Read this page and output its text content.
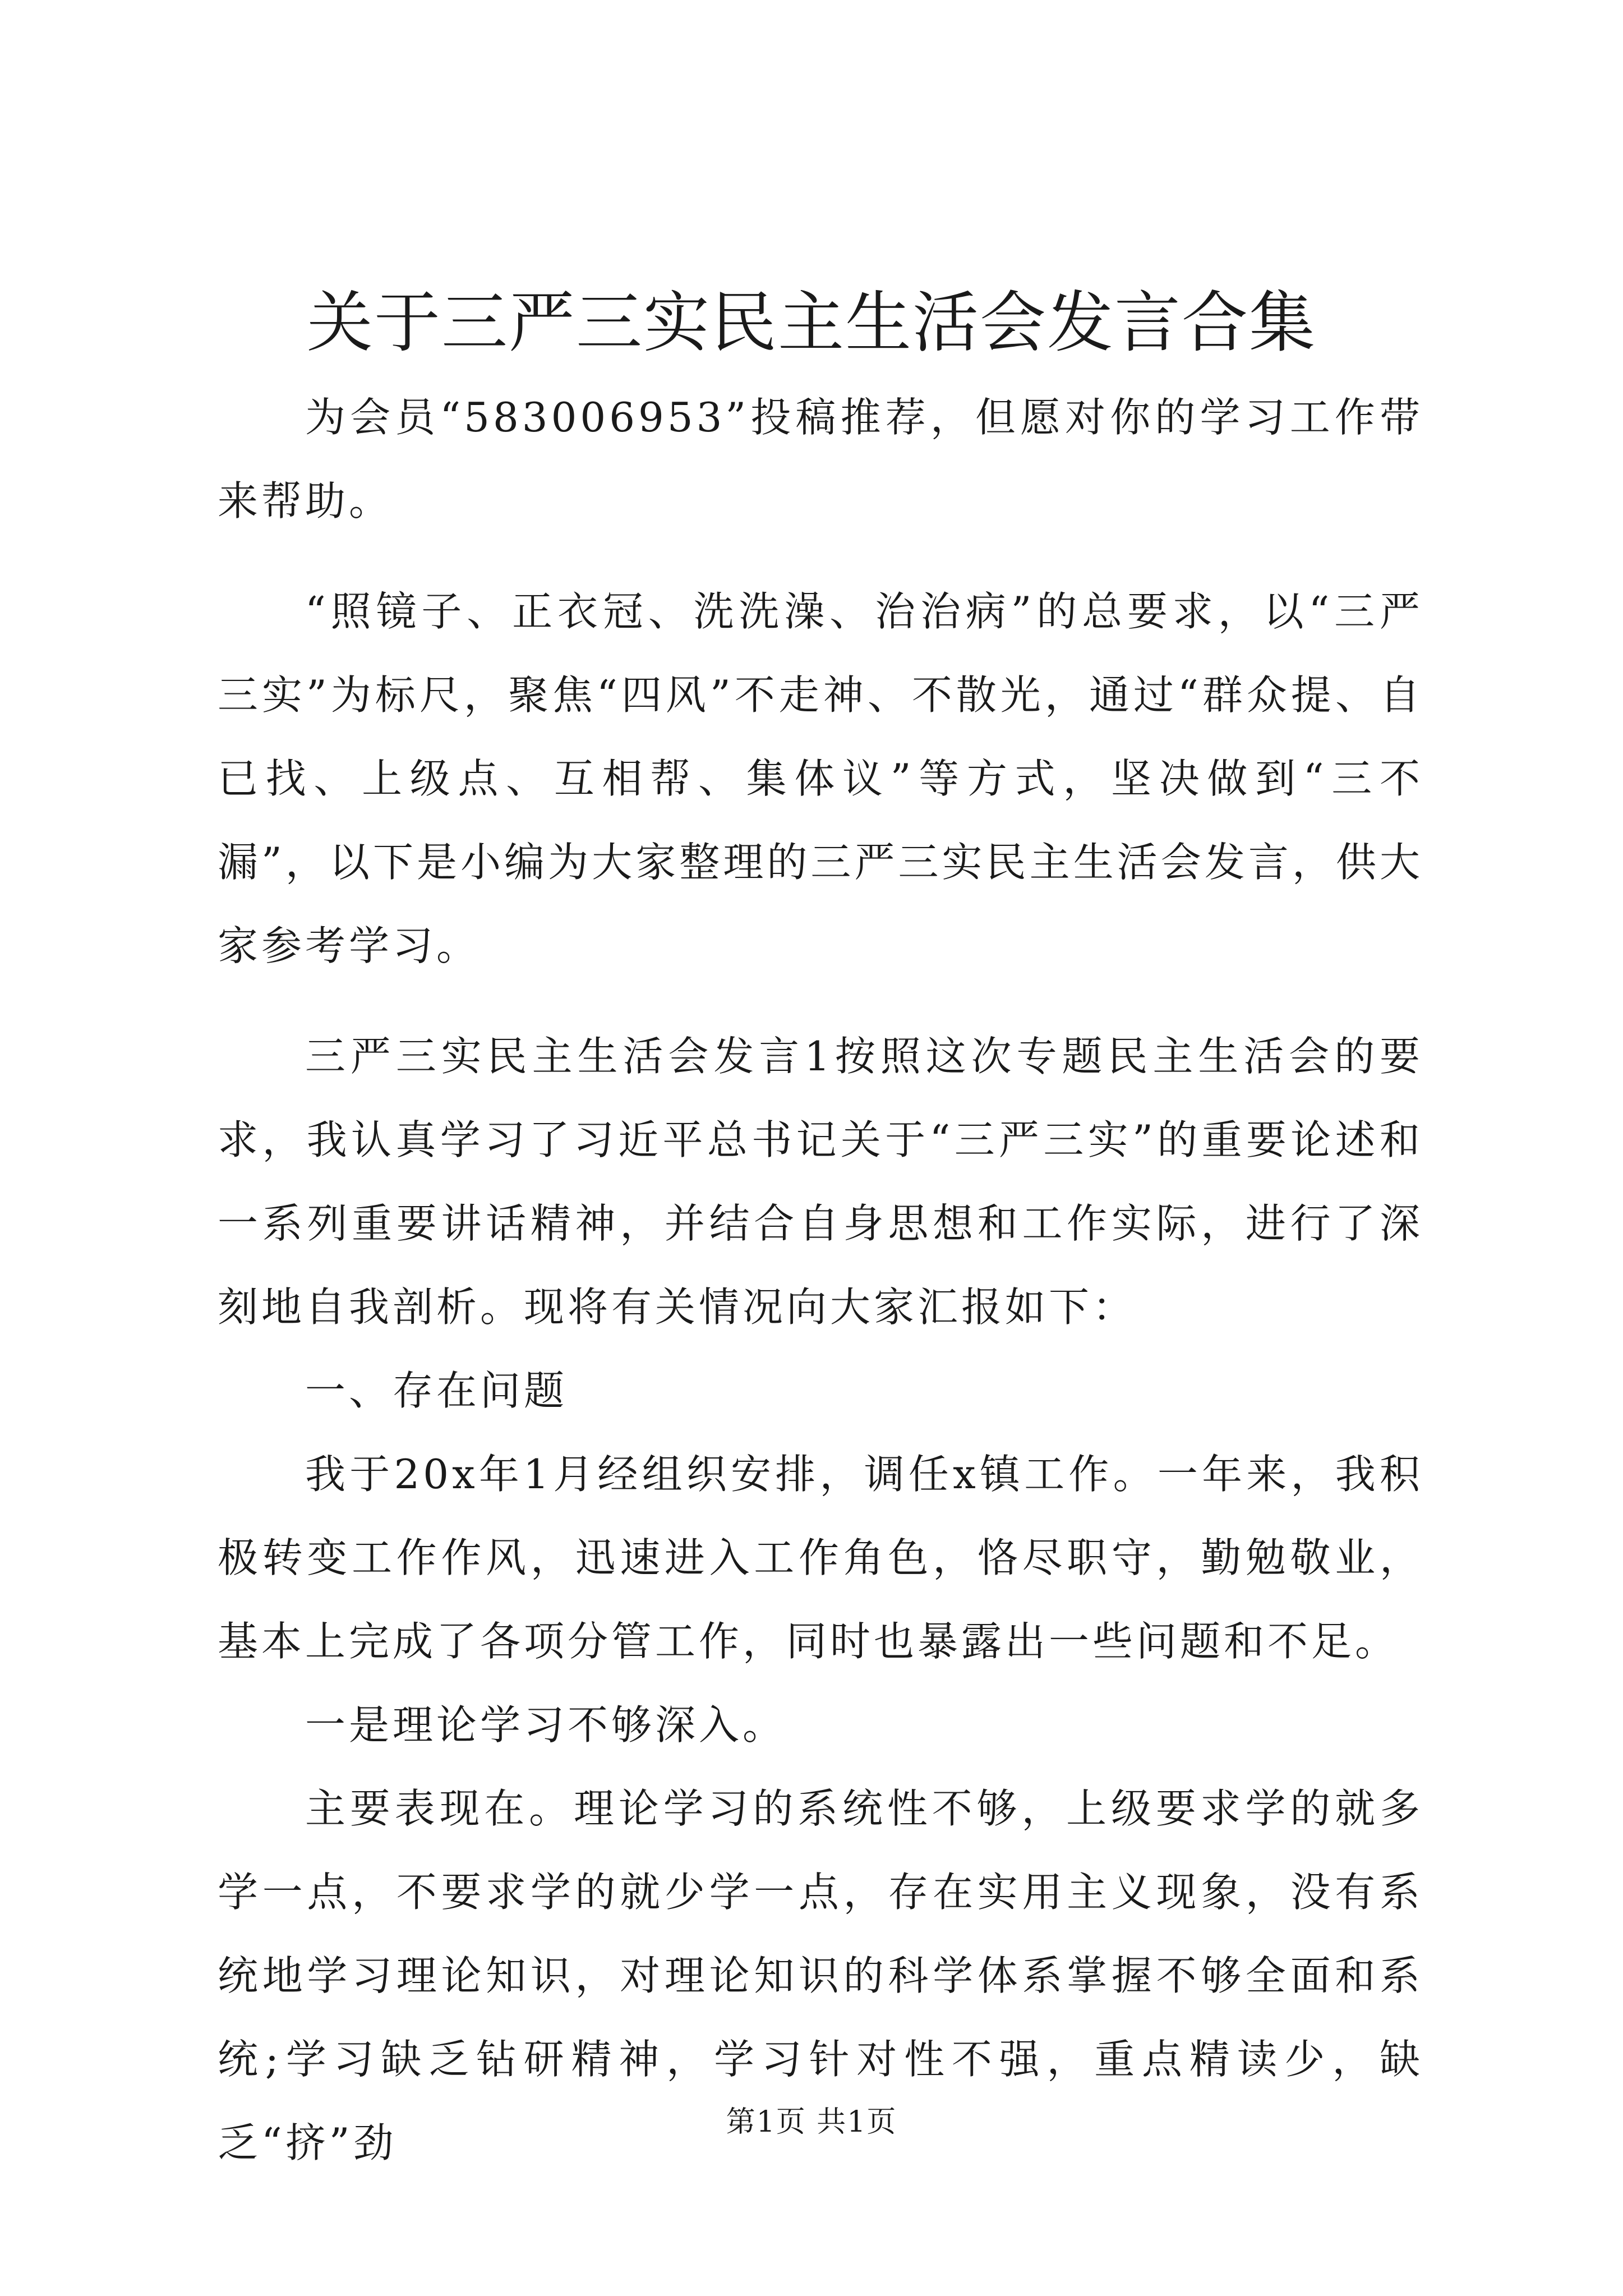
关于三严三实民主生活会发言合集

为会员“583006953”投稿推荐，但愿对你的学习工作带来帮助。

“照镜子、正衣冠、洗洗澡、治治病”的总要求，以“三严三实”为标尺，聚焦“四风”不走神、不散光，通过“群众提、自已找、上级点、互相帮、集体议”等方式，坚决做到“三不漏”，以下是小编为大家整理的三严三实民主生活会发言，供大家参考学习。

三严三实民主生活会发言1按照这次专题民主生活会的要求，我认真学习了习近平总书记关于“三严三实”的重要论述和一系列重要讲话精神，并结合自身思想和工作实际，进行了深刻地自我剖析。现将有关情况向大家汇报如下：

一、存在问题

我于20x年1月经组织安排，调任x镇工作。一年来，我积极转变工作作风，迅速进入工作角色，恪尽职守，勤勉敬业，基本上完成了各项分管工作，同时也暴露出一些问题和不足。

一是理论学习不够深入。

主要表现在。理论学习的系统性不够，上级要求学的就多学一点，不要求学的就少学一点，存在实用主义现象，没有系统地学习理论知识，对理论知识的科学体系掌握不够全面和系统;学习缺乏钻研精神，学习针对性不强，重点精读少，缺乏“挤”劲	第1页 共1页
